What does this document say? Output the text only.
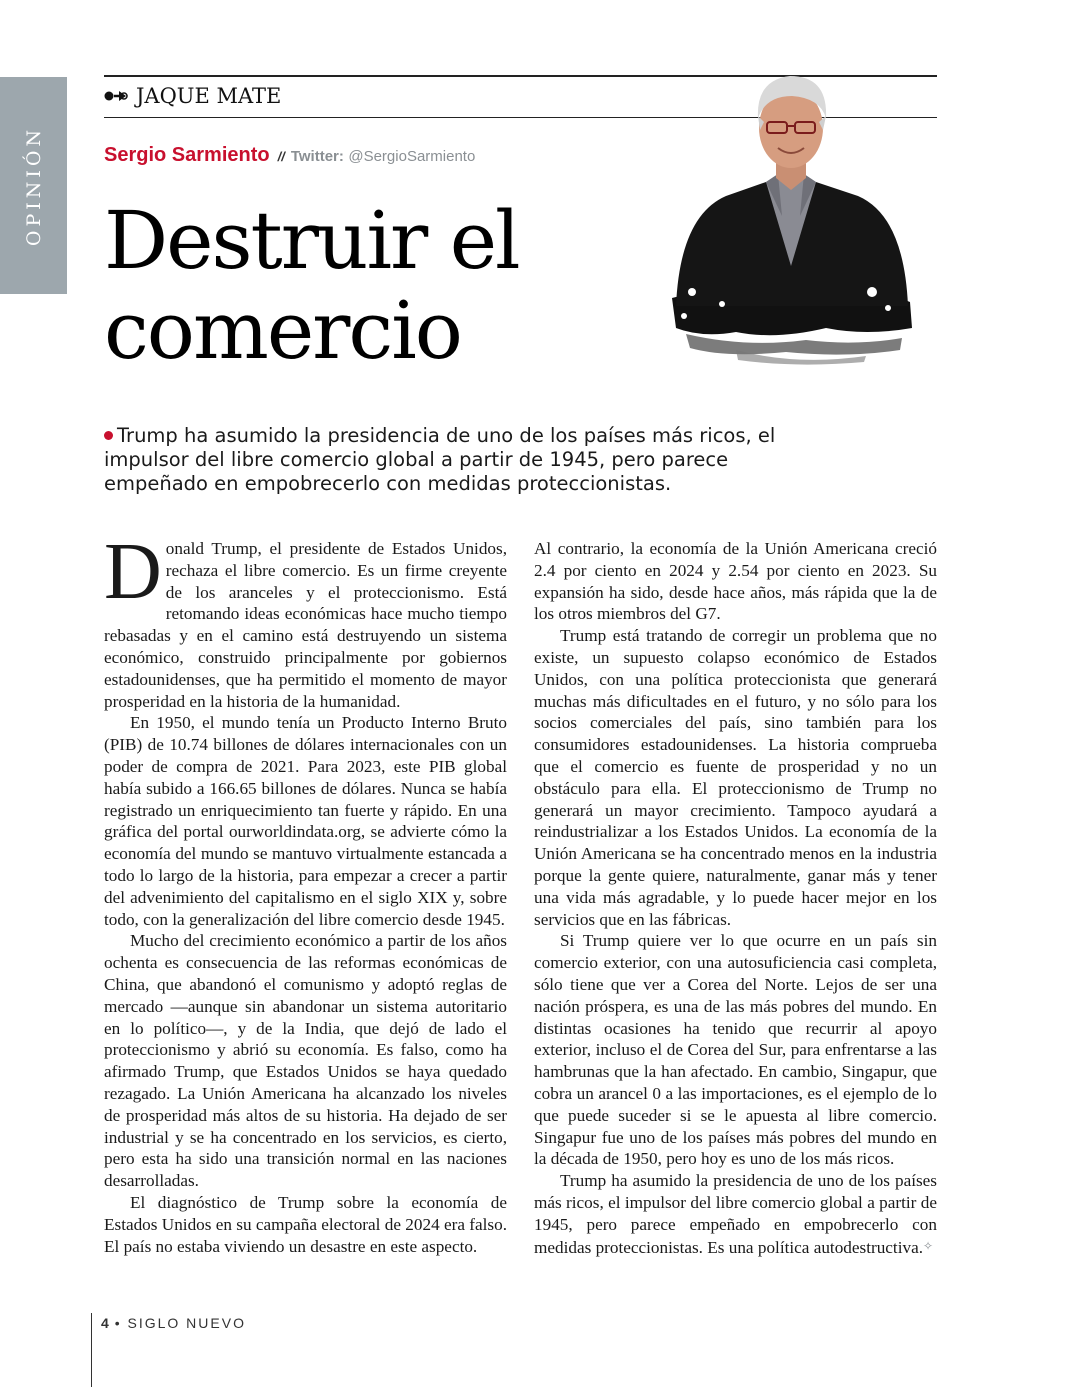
OPINIÓN
JAQUE MATE
Sergio Sarmiento // Twitter: @SergioSarmiento
Destruir el
comercio

Trump ha asumido la presidencia de uno de los países más ricos, el impulsor del libre comercio global a partir de 1945, pero parece empeñado en empobrecerlo con medidas proteccionistas.

Donald Trump, el presidente de Estados Unidos, rechaza el libre comercio. Es un firme creyente de los aranceles y el proteccionismo. Está retomando ideas económicas hace mucho tiempo rebasadas y en el camino está destruyendo un sistema económico, construido principalmente por gobiernos estadounidenses, que ha permitido el momento de mayor prosperidad en la historia de la humanidad.

En 1950, el mundo tenía un Producto Interno Bruto (PIB) de 10.74 billones de dólares internacionales con un poder de compra de 2021. Para 2023, este PIB global había subido a 166.65 billones de dólares. Nunca se había registrado un enriquecimiento tan fuerte y rápido. En una gráfica del portal ourworldindata.org, se advierte cómo la economía del mundo se mantuvo virtualmente estancada a todo lo largo de la historia, para empezar a crecer a partir del advenimiento del capitalismo en el siglo XIX y, sobre todo, con la generalización del libre comercio desde 1945.

Mucho del crecimiento económico a partir de los años ochenta es consecuencia de las reformas económicas de China, que abandonó el comunismo y adoptó reglas de mercado —aunque sin abandonar un sistema autoritario en lo político—, y de la India, que dejó de lado el proteccionismo y abrió su economía. Es falso, como ha afirmado Trump, que Estados Unidos se haya quedado rezagado. La Unión Americana ha alcanzado los niveles de prosperidad más altos de su historia. Ha dejado de ser industrial y se ha concentrado en los servicios, es cierto, pero esta ha sido una transición normal en las naciones desarrolladas.

El diagnóstico de Trump sobre la economía de Estados Unidos en su campaña electoral de 2024 era falso. El país no estaba viviendo un desastre en este aspecto.

Al contrario, la economía de la Unión Americana creció 2.4 por ciento en 2024 y 2.54 por ciento en 2023. Su expansión ha sido, desde hace años, más rápida que la de los otros miembros del G7.

Trump está tratando de corregir un problema que no existe, un supuesto colapso económico de Estados Unidos, con una política proteccionista que generará muchas más dificultades en el futuro, y no sólo para los socios comerciales del país, sino también para los consumidores estadounidenses. La historia comprueba que el comercio es fuente de prosperidad y no un obstáculo para ella. El proteccionismo de Trump no generará un mayor crecimiento. Tampoco ayudará a reindustrializar a los Estados Unidos. La economía de la Unión Americana se ha concentrado menos en la industria porque la gente quiere, naturalmente, ganar más y tener una vida más agradable, y lo puede hacer mejor en los servicios que en las fábricas.

Si Trump quiere ver lo que ocurre en un país sin comercio exterior, con una autosuficiencia casi completa, sólo tiene que ver a Corea del Norte. Lejos de ser una nación próspera, es una de las más pobres del mundo. En distintas ocasiones ha tenido que recurrir al apoyo exterior, incluso el de Corea del Sur, para enfrentarse a las hambrunas que la han afectado. En cambio, Singapur, que cobra un arancel 0 a las importaciones, es el ejemplo de lo que puede suceder si se le apuesta al libre comercio. Singapur fue uno de los países más pobres del mundo en la década de 1950, pero hoy es uno de los más ricos.

Trump ha asumido la presidencia de uno de los países más ricos, el impulsor del libre comercio global a partir de 1945, pero parece empeñado en empobrecerlo con medidas proteccionistas. Es una política autodestructiva.✧

4 • SIGLO NUEVO
